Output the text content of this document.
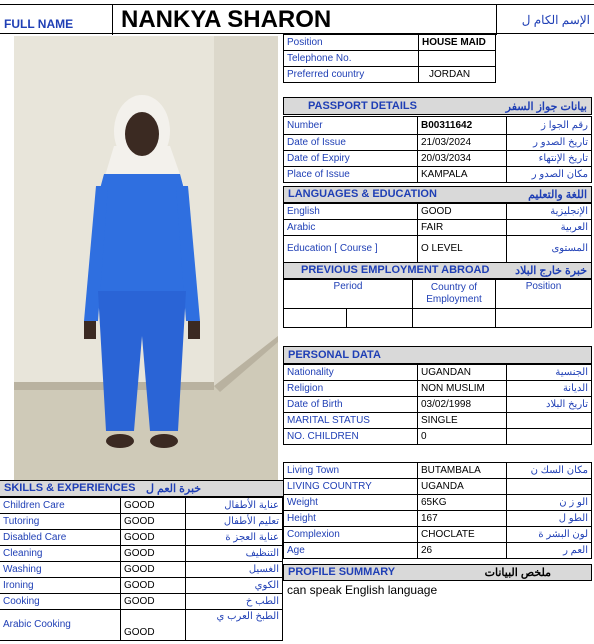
FULL NAME	NANKYA SHARON	الإسم الكام ل
Position	HOUSE MAID
Telephone No.	
Preferred country	JORDAN
PASSPORT DETAILS	بيانات جواز السفر
Number	B00311642	رقم الجوا ز
Date of Issue	21/03/2024	تاريخ الصدو ر
Date of Expiry	20/03/2034	تاريخ الإنتهاء
Place of Issue	KAMPALA	مكان الصدو ر
LANGUAGES & EDUCATION	اللغة والتعليم
English	GOOD	الإنجليزية
Arabic	FAIR	العربية
Education [ Course ]	O LEVEL	المستوى
PREVIOUS EMPLOYMENT ABROAD خبرة خارج البلاد
Period	Country of Employment	Position

PERSONAL DATA
Nationality	UGANDAN	الجنسية
Religion	NON MUSLIM	الديانة
Date of Birth	03/02/1998	تاريخ البلاد
MARITAL STATUS	SINGLE	
NO. CHILDREN	0	
Living Town	BUTAMBALA	مكان السك ن
LIVING COUNTRY	UGANDA	
Weight	65KG	الو ز ن
Height	167	الطو ل
Complexion	CHOCLATE	لون البشر ة
Age	26	العم ر
PROFILE SUMMARY	ملخص البيانات
can speak English language
SKILLS & EXPERIENCES خبرة العم ل
Children Care	GOOD	عناية الأطفال
Tutoring	GOOD	تعليم الأطفال
Disabled Care	GOOD	عناية العجز ة
Cleaning	GOOD	التنظيف
Washing	GOOD	الغسيل
Ironing	GOOD	الكوي
Cooking	GOOD	الطب خ
Arabic Cooking	GOOD	الطبخ العرب ي
